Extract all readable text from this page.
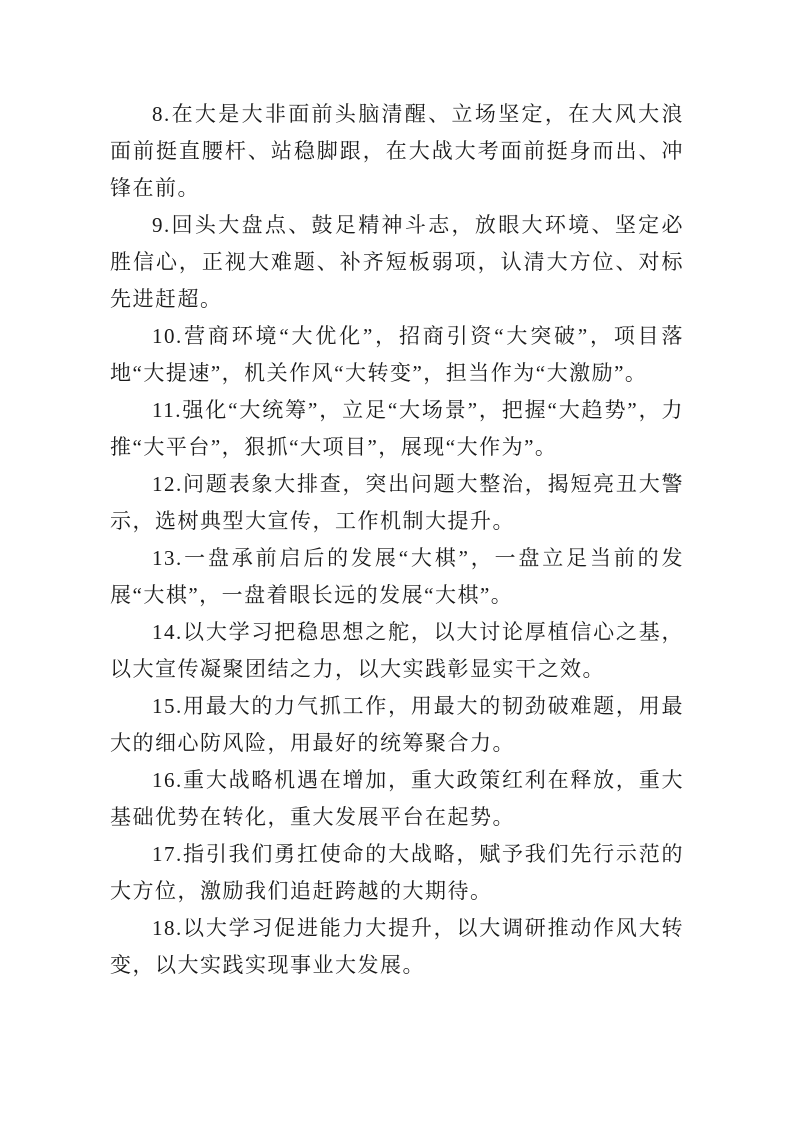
8.在大是大非面前头脑清醒、立场坚定，在大风大浪面前挺直腰杆、站稳脚跟，在大战大考面前挺身而出、冲锋在前。

9.回头大盘点、鼓足精神斗志，放眼大环境、坚定必胜信心，正视大难题、补齐短板弱项，认清大方位、对标先进赶超。

10.营商环境“大优化”，招商引资“大突破”，项目落地“大提速”，机关作风“大转变”，担当作为“大激励”。

11.强化“大统筹”，立足“大场景”，把握“大趋势”，力推“大平台”，狠抓“大项目”，展现“大作为”。

12.问题表象大排查，突出问题大整治，揭短亮丑大警示，选树典型大宣传，工作机制大提升。

13.一盘承前启后的发展“大棋”，一盘立足当前的发展“大棋”，一盘着眼长远的发展“大棋”。

14.以大学习把稳思想之舵，以大讨论厚植信心之基，以大宣传凝聚团结之力，以大实践彰显实干之效。

15.用最大的力气抓工作，用最大的韧劲破难题，用最大的细心防风险，用最好的统筹聚合力。

16.重大战略机遇在增加，重大政策红利在释放，重大基础优势在转化，重大发展平台在起势。

17.指引我们勇扛使命的大战略，赋予我们先行示范的大方位，激励我们追赶跨越的大期待。

18.以大学习促进能力大提升，以大调研推动作风大转变，以大实践实现事业大发展。
